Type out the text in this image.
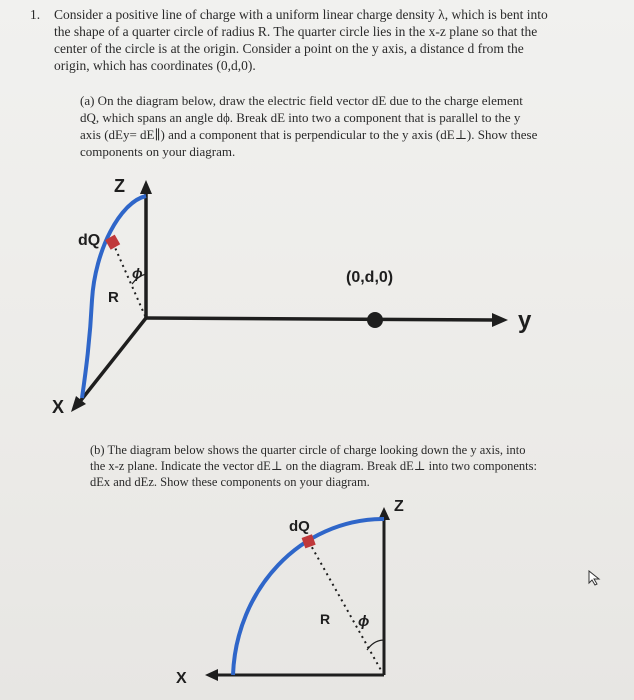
1. Consider a positive line of charge with a uniform linear charge density λ, which is bent into the shape of a quarter circle of radius R. The quarter circle lies in the x-z plane so that the center of the circle is at the origin. Consider a point on the y axis, a distance d from the origin, which has coordinates (0,d,0).
(a) On the diagram below, draw the electric field vector dE due to the charge element dQ, which spans an angle dϕ. Break dE into two a component that is parallel to the y axis (dEy= dE∥) and a component that is perpendicular to the y axis (dE⊥). Show these components on your diagram.
Z
y
X
dQ
R
ϕ	(0,d,0)
(b) The diagram below shows the quarter circle of charge looking down the y axis, into the x-z plane. Indicate the vector dE⊥ on the diagram. Break dE⊥ into two components: dEx and dEz. Show these components on your diagram.
Z
X
dQ
R ϕ
